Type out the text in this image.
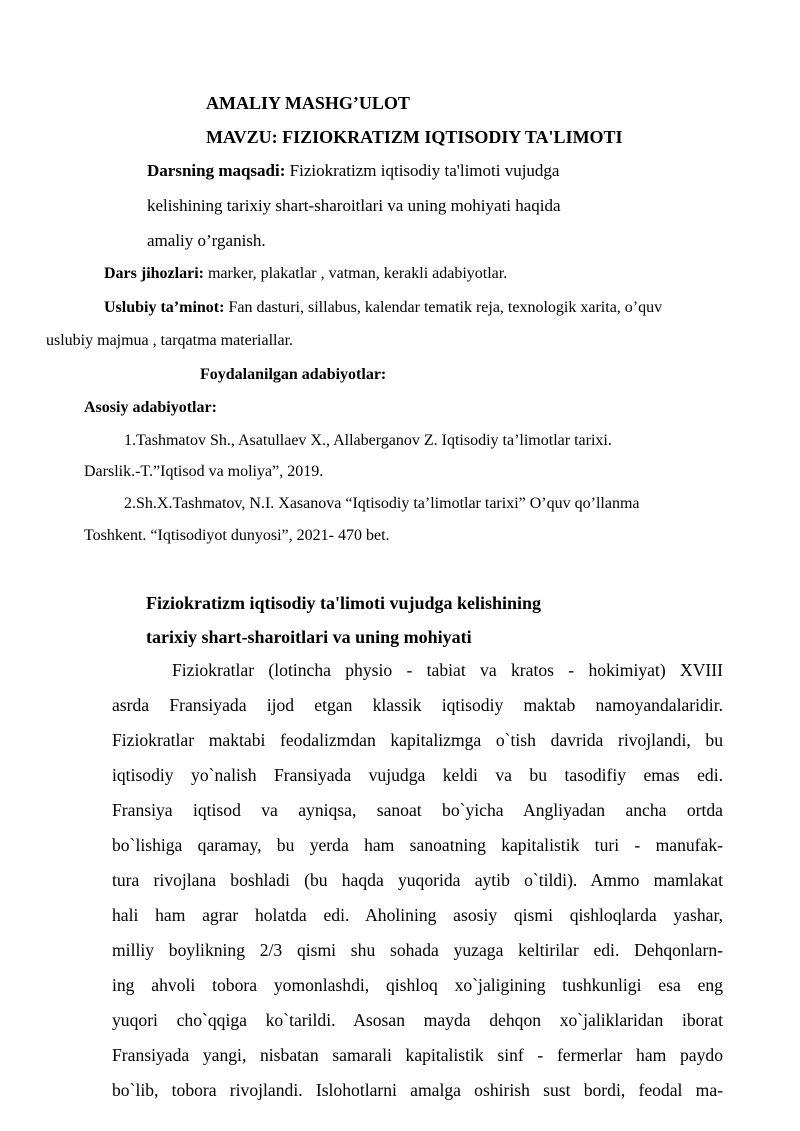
AMALIY MASHG’ULOT
MAVZU: FIZIOKRATIZM IQTISODIY TA'LIMOTI
Darsning maqsadi: Fiziokratizm iqtisodiy ta'limoti vujudga
kelishining tarixiy shart-sharoitlari va uning mohiyati haqida
amaliy o’rganish.
Dars jihozlari: marker, plakatlar , vatman, kerakli adabiyotlar.
Uslubiy ta’minot: Fan dasturi, sillabus, kalendar tematik reja, texnologik xarita, o’quv
uslubiy majmua , tarqatma materiallar.
Foydalanilgan adabiyotlar:
Asosiy adabiyotlar:
1.Tashmatov Sh., Asatullaev X., Allaberganov Z. Iqtisodiy ta’limotlar tarixi.
Darslik.-T.”Iqtisod va moliya”, 2019.
2.Sh.X.Tashmatov, N.I. Xasanova “Iqtisodiy ta’limotlar tarixi” O’quv qo’llanma
Toshkent. “Iqtisodiyot dunyosi”, 2021- 470 bet.
Fiziokratizm iqtisodiy ta'limoti vujudga kelishining
tarixiy shart-sharoitlari va uning mohiyati
Fiziokratlar (lotincha physio - tabiat va kratos - hokimiyat) XVIII
asrda Fransiyada ijod etgan klassik iqtisodiy maktab namoyandalaridir.
Fiziokratlar maktabi feodalizmdan kapitalizmga o`tish davrida rivojlandi, bu
iqtisodiy yo`nalish Fransiyada vujudga keldi va bu tasodifiy emas edi.
Fransiya iqtisod va ayniqsa, sanoat bo`yicha Angliyadan ancha ortda
bo`lishiga qaramay, bu yerda ham sanoatning kapitalistik turi - manufak-
tura rivojlana boshladi (bu haqda yuqorida aytib o`tildi). Ammo mamlakat
hali ham agrar holatda edi. Aholining asosiy qismi qishloqlarda yashar,
milliy boylikning 2/3 qismi shu sohada yuzaga keltirilar edi. Dehqonlarn-
ing ahvoli tobora yomonlashdi, qishloq xo`jaligining tushkunligi esa eng
yuqori cho`qqiga ko`tarildi. Asosan mayda dehqon xo`jaliklaridan iborat
Fransiyada yangi, nisbatan samarali kapitalistik sinf - fermerlar ham paydo
bo`lib, tobora rivojlandi. Islohotlarni amalga oshirish sust bordi, feodal ma-
